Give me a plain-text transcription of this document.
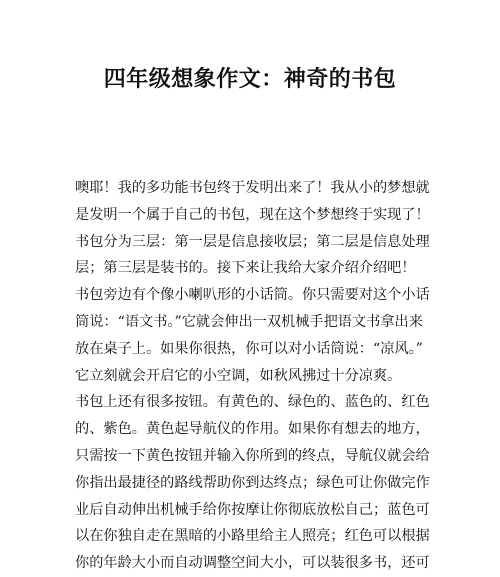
四年级想象作文：神奇的书包
噢耶！我的多功能书包终于发明出来了！我从小的梦想就
是发明一个属于自己的书包，现在这个梦想终于实现了！
书包分为三层：第一层是信息接收层；第二层是信息处理
层；第三层是装书的。接下来让我给大家介绍介绍吧！
书包旁边有个像小喇叭形的小话筒。你只需要对这个小话
筒说：“语文书。”它就会伸出一双机械手把语文书拿出来
放在桌子上。如果你很热，你可以对小话筒说：“凉风。”
它立刻就会开启它的小空调，如秋风拂过十分凉爽。
书包上还有很多按钮。有黄色的、绿色的、蓝色的、红色
的、紫色。黄色起导航仪的作用。如果你有想去的地方，
只需按一下黄色按钮并输入你所到的终点，导航仪就会给
你指出最捷径的路线帮助你到达终点；绿色可让你做完作
业后自动伸出机械手给你按摩让你彻底放松自己；蓝色可
以在你独自走在黑暗的小路里给主人照亮；红色可以根据
你的年龄大小而自动调整空间大小，可以装很多书，还可
